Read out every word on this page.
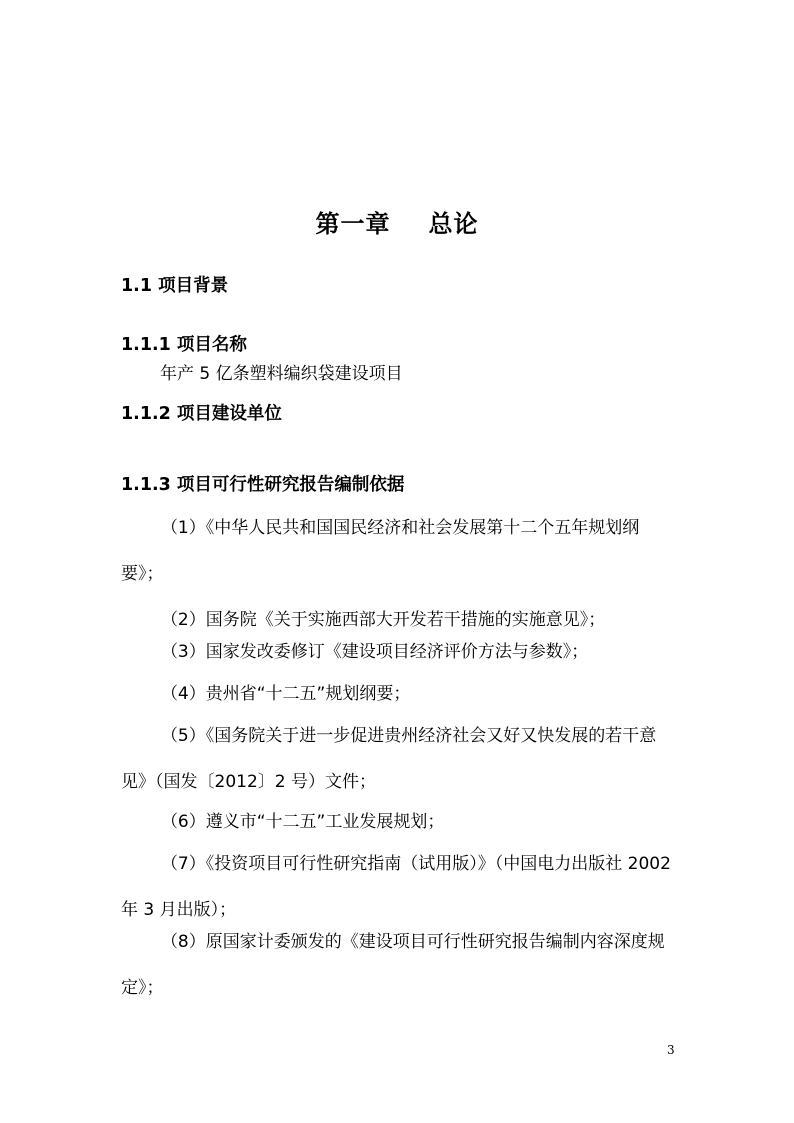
第一章 总论
1.1 项目背景
1.1.1 项目名称
年产 5 亿条塑料编织袋建设项目
1.1.2 项目建设单位
1.1.3 项目可行性研究报告编制依据
（1）《中华人民共和国国民经济和社会发展第十二个五年规划纲要》；
（2）国务院《关于实施西部大开发若干措施的实施意见》；
（3）国家发改委修订《建设项目经济评价方法与参数》；
（4）贵州省“十二五”规划纲要；
（5）《国务院关于进一步促进贵州经济社会又好又快发展的若干意见》（国发〔2012〕2 号）文件；
（6）遵义市“十二五”工业发展规划；
（7）《投资项目可行性研究指南（试用版）》（中国电力出版社 2002 年 3 月出版）；
（8）原国家计委颁发的《建设项目可行性研究报告编制内容深度规定》；
3
